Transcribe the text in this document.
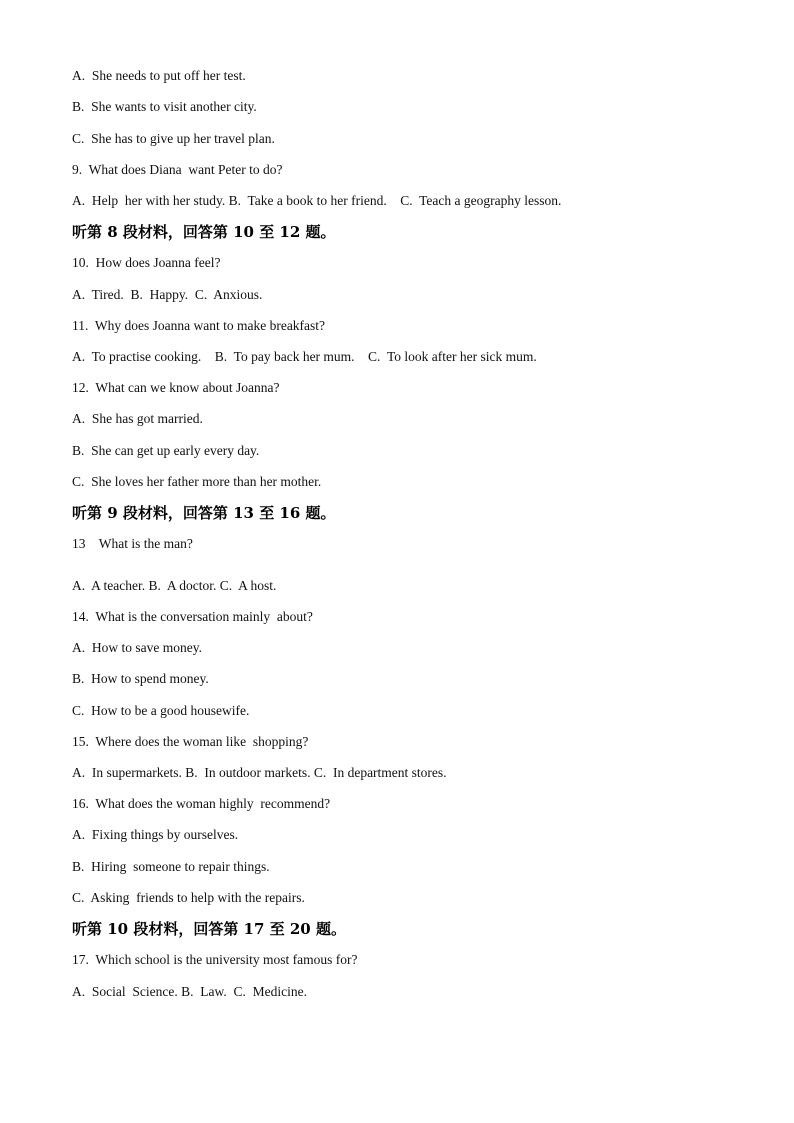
A.  She needs to put off her test.
B.  She wants to visit another city.
C.  She has to give up her travel plan.
9.  What does Diana  want Peter to do?
A.  Help  her with her study. B.  Take a book to her friend.    C.  Teach a geography lesson.
听第 8 段材料，回答第 10 至 12 题。
10.  How does Joanna feel?
A.  Tired.  B.  Happy.  C.  Anxious.
11.  Why does Joanna want to make breakfast?
A.  To practise cooking.    B.  To pay back her mum.    C.  To look after her sick mum.
12.  What can we know about Joanna?
A.  She has got married.
B.  She can get up early every day.
C.  She loves her father more than her mother.
听第 9 段材料，回答第 13 至 16 题。
13    What is the man?
A.  A teacher. B.  A doctor. C.  A host.
14.  What is the conversation mainly  about?
A.  How to save money.
B.  How to spend money.
C.  How to be a good housewife.
15.  Where does the woman like  shopping?
A.  In supermarkets. B.  In outdoor markets. C.  In department stores.
16.  What does the woman highly  recommend?
A.  Fixing things by ourselves.
B.  Hiring  someone to repair things.
C.  Asking  friends to help with the repairs.
听第 10 段材料，回答第 17 至 20 题。
17.  Which school is the university most famous for?
A.  Social  Science. B.  Law.  C.  Medicine.
